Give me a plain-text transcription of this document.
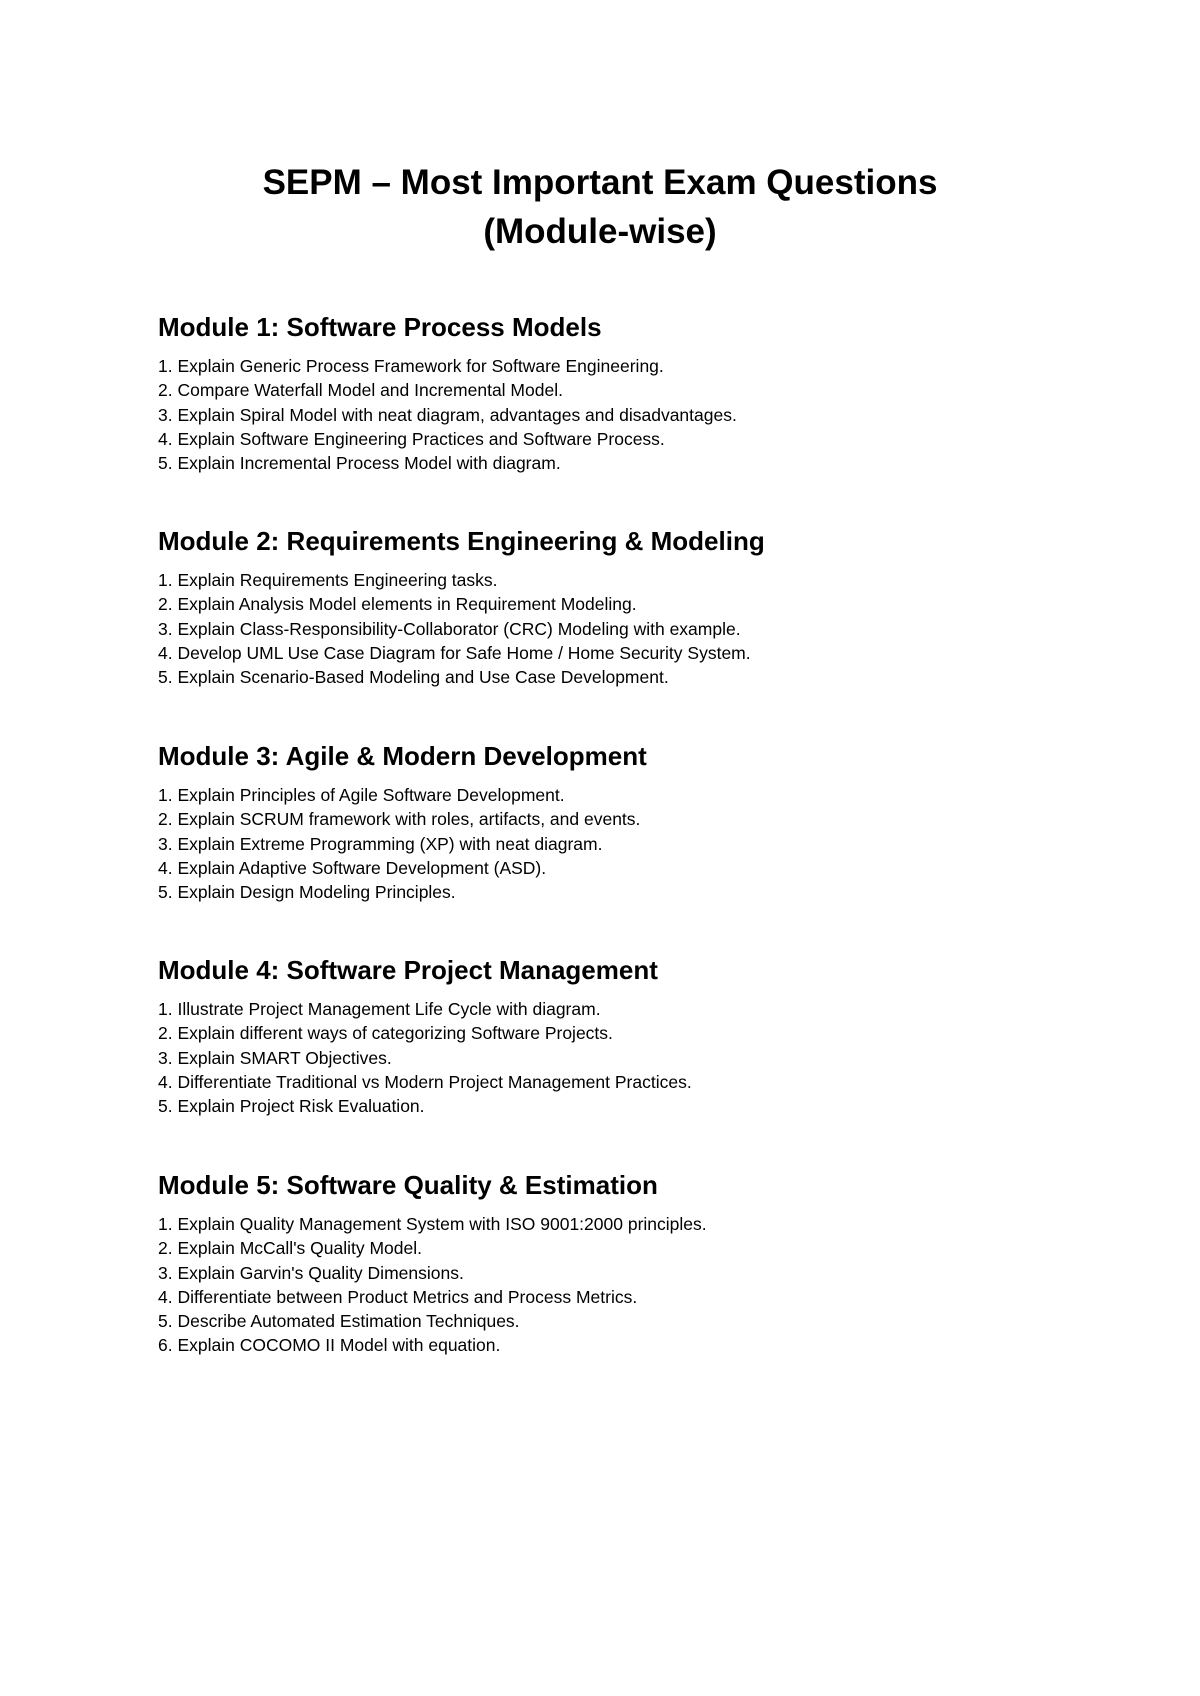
SEPM – Most Important Exam Questions
(Module-wise)
Module 1: Software Process Models
1. Explain Generic Process Framework for Software Engineering.
2. Compare Waterfall Model and Incremental Model.
3. Explain Spiral Model with neat diagram, advantages and disadvantages.
4. Explain Software Engineering Practices and Software Process.
5. Explain Incremental Process Model with diagram.
Module 2: Requirements Engineering & Modeling
1. Explain Requirements Engineering tasks.
2. Explain Analysis Model elements in Requirement Modeling.
3. Explain Class-Responsibility-Collaborator (CRC) Modeling with example.
4. Develop UML Use Case Diagram for Safe Home / Home Security System.
5. Explain Scenario-Based Modeling and Use Case Development.
Module 3: Agile & Modern Development
1. Explain Principles of Agile Software Development.
2. Explain SCRUM framework with roles, artifacts, and events.
3. Explain Extreme Programming (XP) with neat diagram.
4. Explain Adaptive Software Development (ASD).
5. Explain Design Modeling Principles.
Module 4: Software Project Management
1. Illustrate Project Management Life Cycle with diagram.
2. Explain different ways of categorizing Software Projects.
3. Explain SMART Objectives.
4. Differentiate Traditional vs Modern Project Management Practices.
5. Explain Project Risk Evaluation.
Module 5: Software Quality & Estimation
1. Explain Quality Management System with ISO 9001:2000 principles.
2. Explain McCall's Quality Model.
3. Explain Garvin's Quality Dimensions.
4. Differentiate between Product Metrics and Process Metrics.
5. Describe Automated Estimation Techniques.
6. Explain COCOMO II Model with equation.
